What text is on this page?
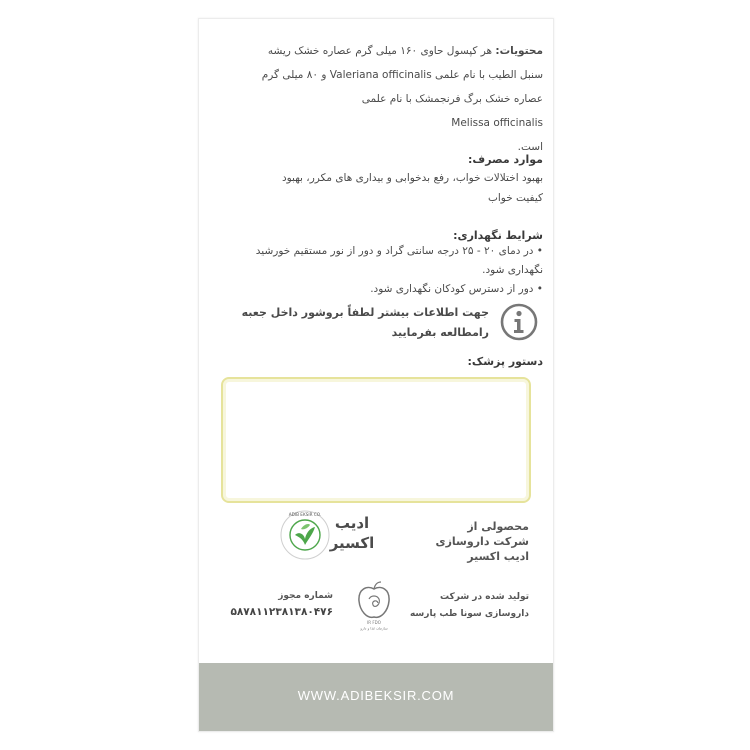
محتویات: هر کپسول حاوی ۱۶۰ میلی گرم عصاره خشک ریشه

سنبل الطیب با نام علمی Valeriana officinalis و ۸۰ میلی گرم

عصاره خشک برگ فرنجمشک با نام علمی

Melissa officinalis

است.

موارد مصرف:

بهبود اختلالات خواب، رفع بدخوابی و بیداری های مکرر، بهبود

کیفیت خواب

شرایط نگهداری:

• در دمای ۲۰ - ۲۵ درجه سانتی گراد و دور از نور مستقیم خورشید

نگهداری شود.

• دور از دسترس کودکان نگهداری شود.

جهت اطلاعات بیشتر لطفاً بروشور داخل جعبه
رامطالعه بفرمایید
دستور پزشک:
ADIB EKSIR CO. ادیب
اکسیر
محصولی از
شرکت داروسازی
ادیب اکسیر
شماره مجوز
۵۸۷۸۱۱۲۳۸۱۳۸۰۴۷۶
IR FDO
سازمان غذا و دارو
تولید شده در شرکت
داروسازی سونا طب پارسه
WWW.ADIBEKSIR.COM
